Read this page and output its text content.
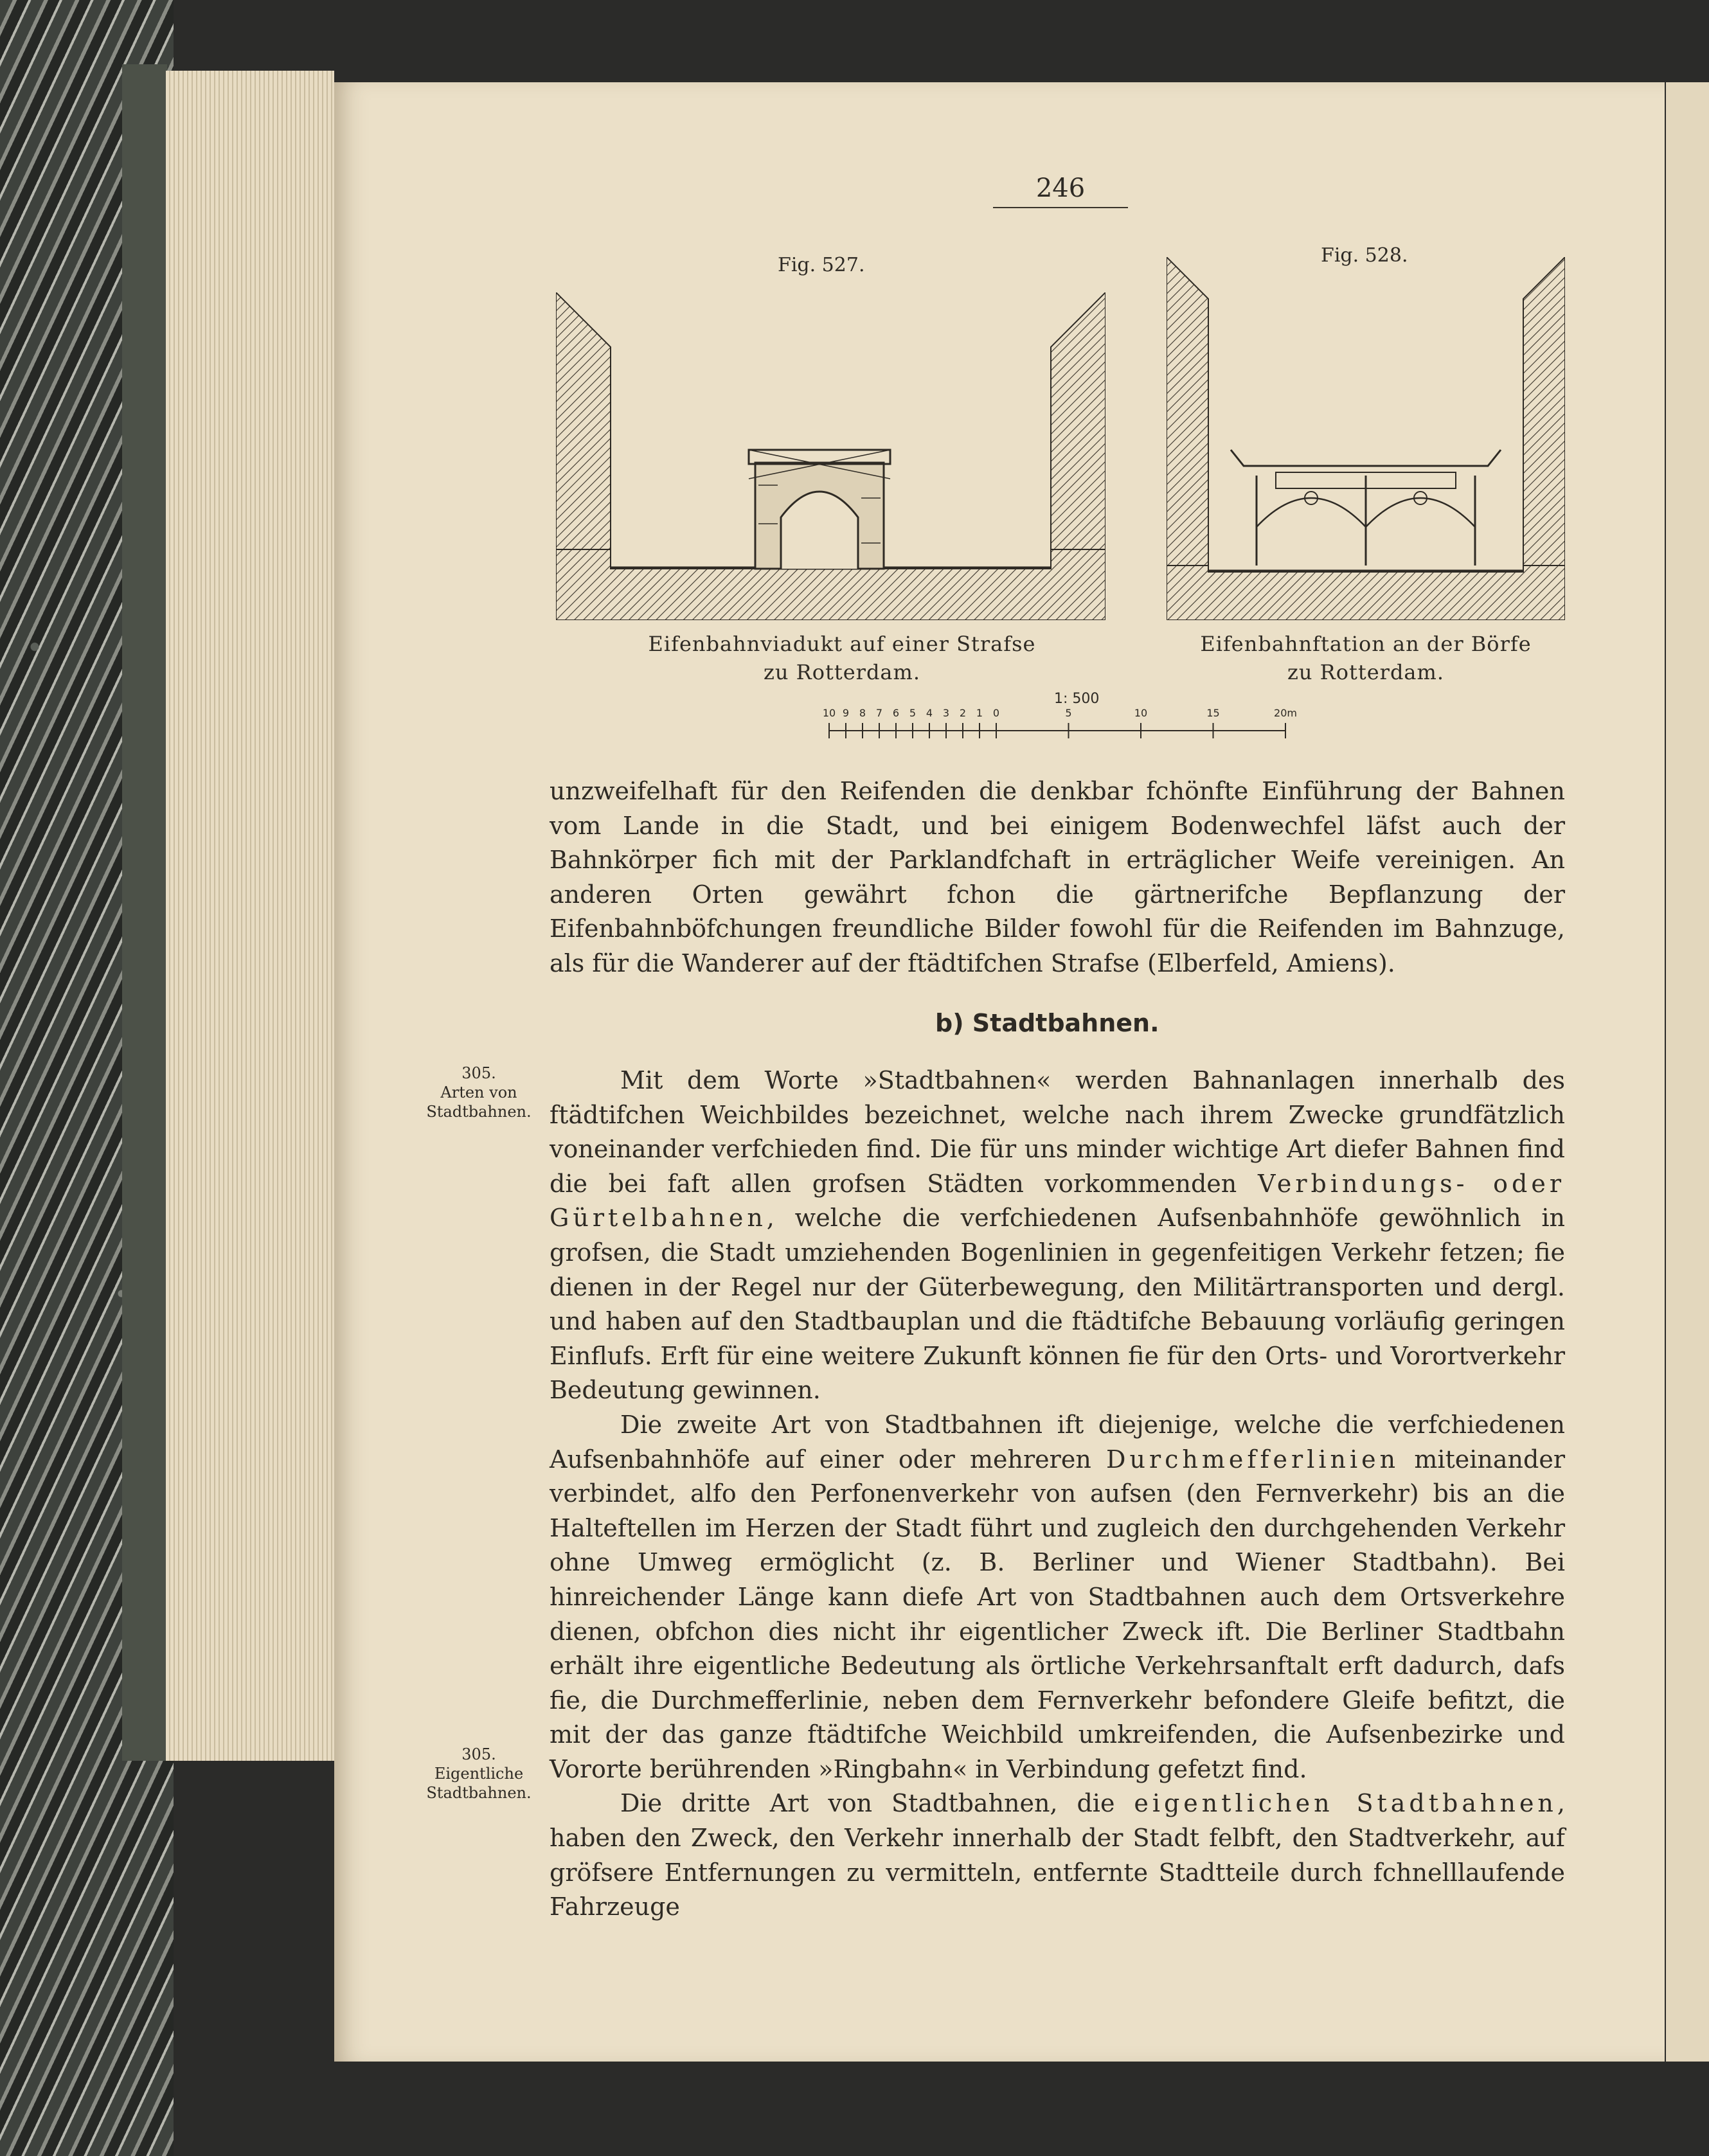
246
Fig. 527.
Eifenbahnviadukt auf einer Strafse
zu Rotterdam.
Fig. 528.
Eifenbahnftation an der Börfe
zu Rotterdam.
1: 500
10 9 8 7 6 5 4 3 2 1 0	5	10	15	20m

unzweifelhaft für den Reifenden die denkbar fchönfte Einführung der Bahnen vom Lande in die Stadt, und bei einigem Bodenwechfel läfst auch der Bahnkörper fich mit der Parklandfchaft in erträglicher Weife vereinigen. An anderen Orten gewährt fchon die gärtnerifche Bepflanzung der Eifenbahnböfchungen freundliche Bilder fowohl für die Reifenden im Bahnzuge, als für die Wanderer auf der ftädtifchen Strafse (Elberfeld, Amiens).

b) Stadtbahnen.
305.
Arten von
Stadtbahnen.
305.
Eigentliche
Stadtbahnen.

Mit dem Worte »Stadtbahnen« werden Bahnanlagen innerhalb des ftädtifchen Weichbildes bezeichnet, welche nach ihrem Zwecke grundfätzlich voneinander verfchieden find. Die für uns minder wichtige Art diefer Bahnen find die bei faft allen grofsen Städten vorkommenden Verbindungs- oder Gürtelbahnen, welche die verfchiedenen Aufsenbahnhöfe gewöhnlich in grofsen, die Stadt umziehenden Bogenlinien in gegenfeitigen Verkehr fetzen; fie dienen in der Regel nur der Güterbewegung, den Militärtransporten und dergl. und haben auf den Stadtbauplan und die ftädtifche Bebauung vorläufig geringen Einflufs. Erft für eine weitere Zukunft können fie für den Orts- und Vorortverkehr Bedeutung gewinnen.

Die zweite Art von Stadtbahnen ift diejenige, welche die verfchiedenen Aufsenbahnhöfe auf einer oder mehreren Durchmefferlinien miteinander verbindet, alfo den Perfonenverkehr von aufsen (den Fernverkehr) bis an die Halteftellen im Herzen der Stadt führt und zugleich den durchgehenden Verkehr ohne Umweg ermöglicht (z. B. Berliner und Wiener Stadtbahn). Bei hinreichender Länge kann diefe Art von Stadtbahnen auch dem Ortsverkehre dienen, obfchon dies nicht ihr eigentlicher Zweck ift. Die Berliner Stadtbahn erhält ihre eigentliche Bedeutung als örtliche Verkehrsanftalt erft dadurch, dafs fie, die Durchmefferlinie, neben dem Fernverkehr befondere Gleife befitzt, die mit der das ganze ftädtifche Weichbild umkreifenden, die Aufsenbezirke und Vororte berührenden »Ringbahn« in Verbindung gefetzt find.

Die dritte Art von Stadtbahnen, die eigentlichen Stadtbahnen, haben den Zweck, den Verkehr innerhalb der Stadt felbft, den Stadtverkehr, auf gröfsere Entfernungen zu vermitteln, entfernte Stadtteile durch fchnelllaufende Fahrzeuge
